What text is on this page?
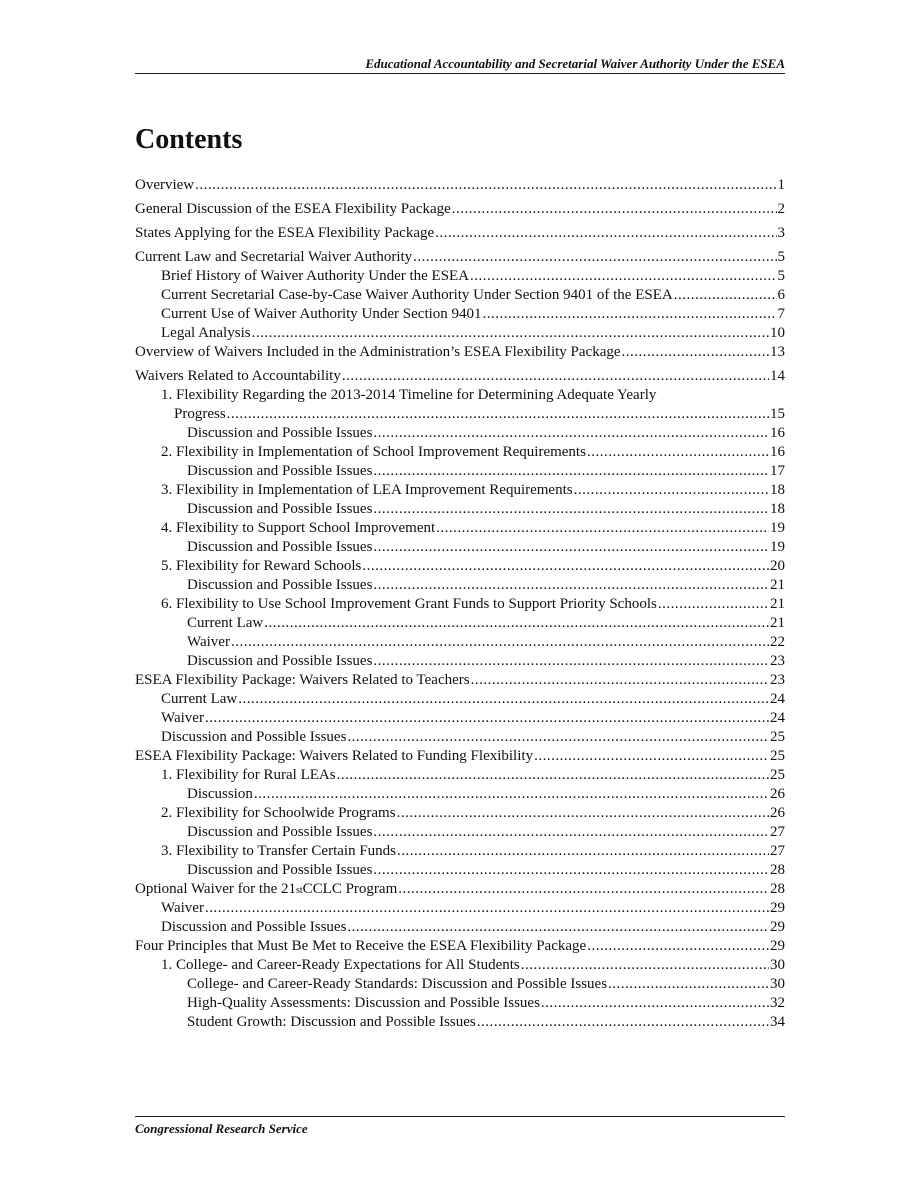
Educational Accountability and Secretarial Waiver Authority Under the ESEA
Contents
Overview .....	1
General Discussion of the ESEA Flexibility Package .....	2
States Applying for the ESEA Flexibility Package .....	3
Current Law and Secretarial Waiver Authority .....	5
Brief History of Waiver Authority Under the ESEA .....	5
Current Secretarial Case-by-Case Waiver Authority Under Section 9401 of the ESEA .....	6
Current Use of Waiver Authority Under Section 9401 .....	7
Legal Analysis .....	10
Overview of Waivers Included in the Administration’s ESEA Flexibility Package .....	13
Waivers Related to Accountability .....	14
1. Flexibility Regarding the 2013-2014 Timeline for Determining Adequate Yearly
Progress .....	15
Discussion and Possible Issues .....	16
2. Flexibility in Implementation of School Improvement Requirements .....	16
Discussion and Possible Issues .....	17
3. Flexibility in Implementation of LEA Improvement Requirements .....	18
Discussion and Possible Issues .....	18
4. Flexibility to Support School Improvement .....	19
Discussion and Possible Issues .....	19
5. Flexibility for Reward Schools .....	20
Discussion and Possible Issues .....	21
6. Flexibility to Use School Improvement Grant Funds to Support Priority Schools .....	21
Current Law .....	21
Waiver .....	22
Discussion and Possible Issues .....	23
ESEA Flexibility Package: Waivers Related to Teachers .....	23
Current Law .....	24
Waiver .....	24
Discussion and Possible Issues .....	25
ESEA Flexibility Package: Waivers Related to Funding Flexibility .....	25
1. Flexibility for Rural LEAs .....	25
Discussion .....	26
2. Flexibility for Schoolwide Programs .....	26
Discussion and Possible Issues .....	27
3. Flexibility to Transfer Certain Funds .....	27
Discussion and Possible Issues .....	28
Optional Waiver for the 21 st CCLC Program .....	28
Waiver .....	29
Discussion and Possible Issues .....	29
Four Principles that Must Be Met to Receive the ESEA Flexibility Package .....	29
1. College- and Career-Ready Expectations for All Students .....	30
College- and Career-Ready Standards: Discussion and Possible Issues .....	30
High-Quality Assessments: Discussion and Possible Issues .....	32
Student Growth: Discussion and Possible Issues .....	34
Congressional Research Service
